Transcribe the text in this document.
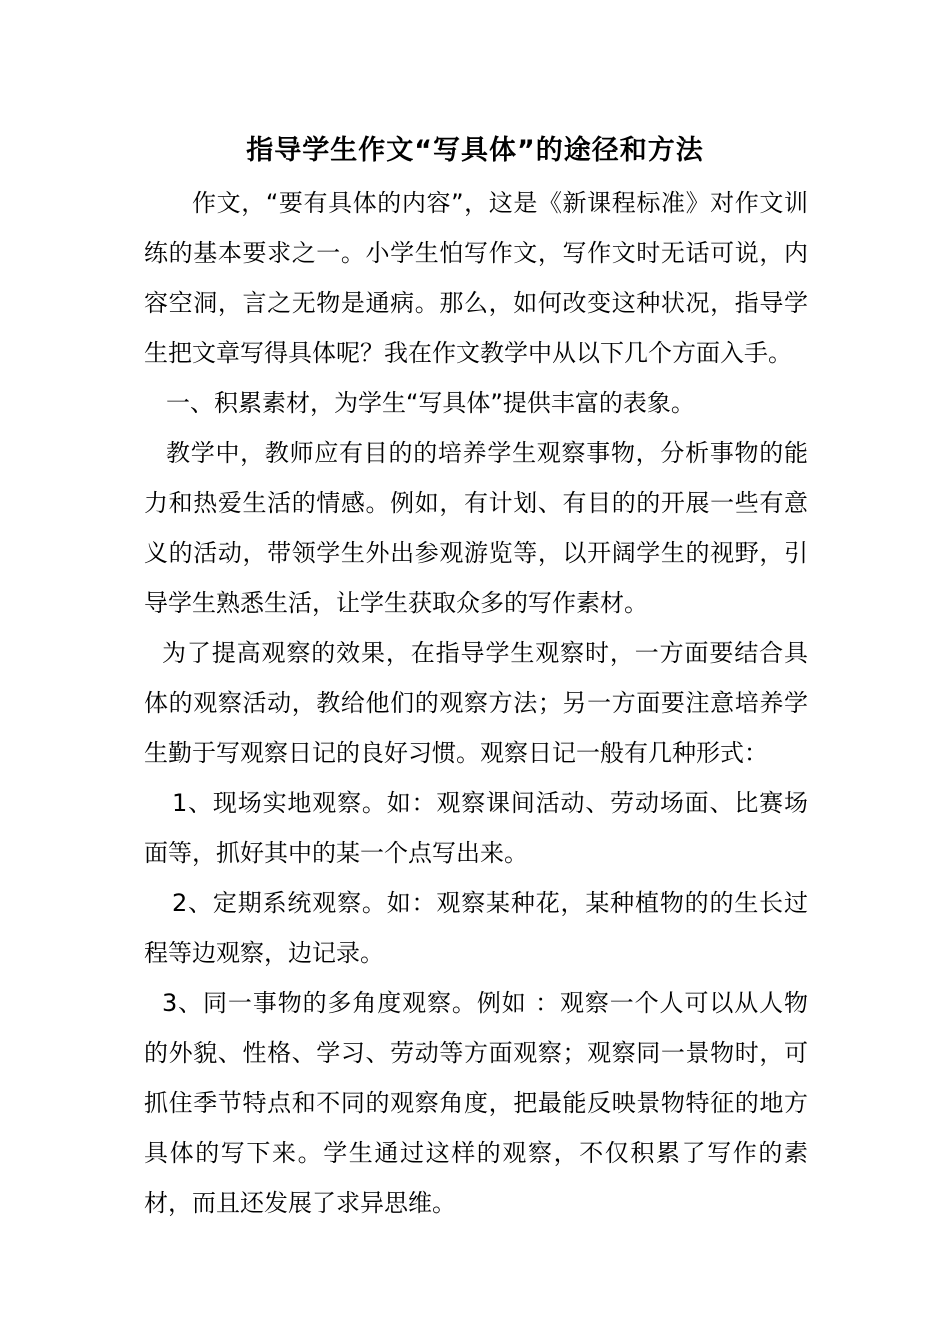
指导学生作文“写具体”的途径和方法

作文，“要有具体的内容”，这是《新课程标准》对作文训练的基本要求之一。小学生怕写作文，写作文时无话可说，内容空洞，言之无物是通病。那么，如何改变这种状况，指导学生把文章写得具体呢？我在作文教学中从以下几个方面入手。

一、积累素材，为学生“写具体”提供丰富的表象。

教学中，教师应有目的的培养学生观察事物，分析事物的能力和热爱生活的情感。例如，有计划、有目的的开展一些有意义的活动，带领学生外出参观游览等，以开阔学生的视野，引导学生熟悉生活，让学生获取众多的写作素材。

为了提高观察的效果，在指导学生观察时，一方面要结合具体的观察活动，教给他们的观察方法；另一方面要注意培养学生勤于写观察日记的良好习惯。观察日记一般有几种形式：

1、现场实地观察。如：观察课间活动、劳动场面、比赛场面等，抓好其中的某一个点写出来。

2、定期系统观察。如：观察某种花，某种植物的的生长过程等边观察，边记录。

3、同一事物的多角度观察。例如 ：观察一个人可以从人物的外貌、性格、学习、劳动等方面观察；观察同一景物时，可抓住季节特点和不同的观察角度，把最能反映景物特征的地方具体的写下来。学生通过这样的观察，不仅积累了写作的素材，而且还发展了求异思维。
